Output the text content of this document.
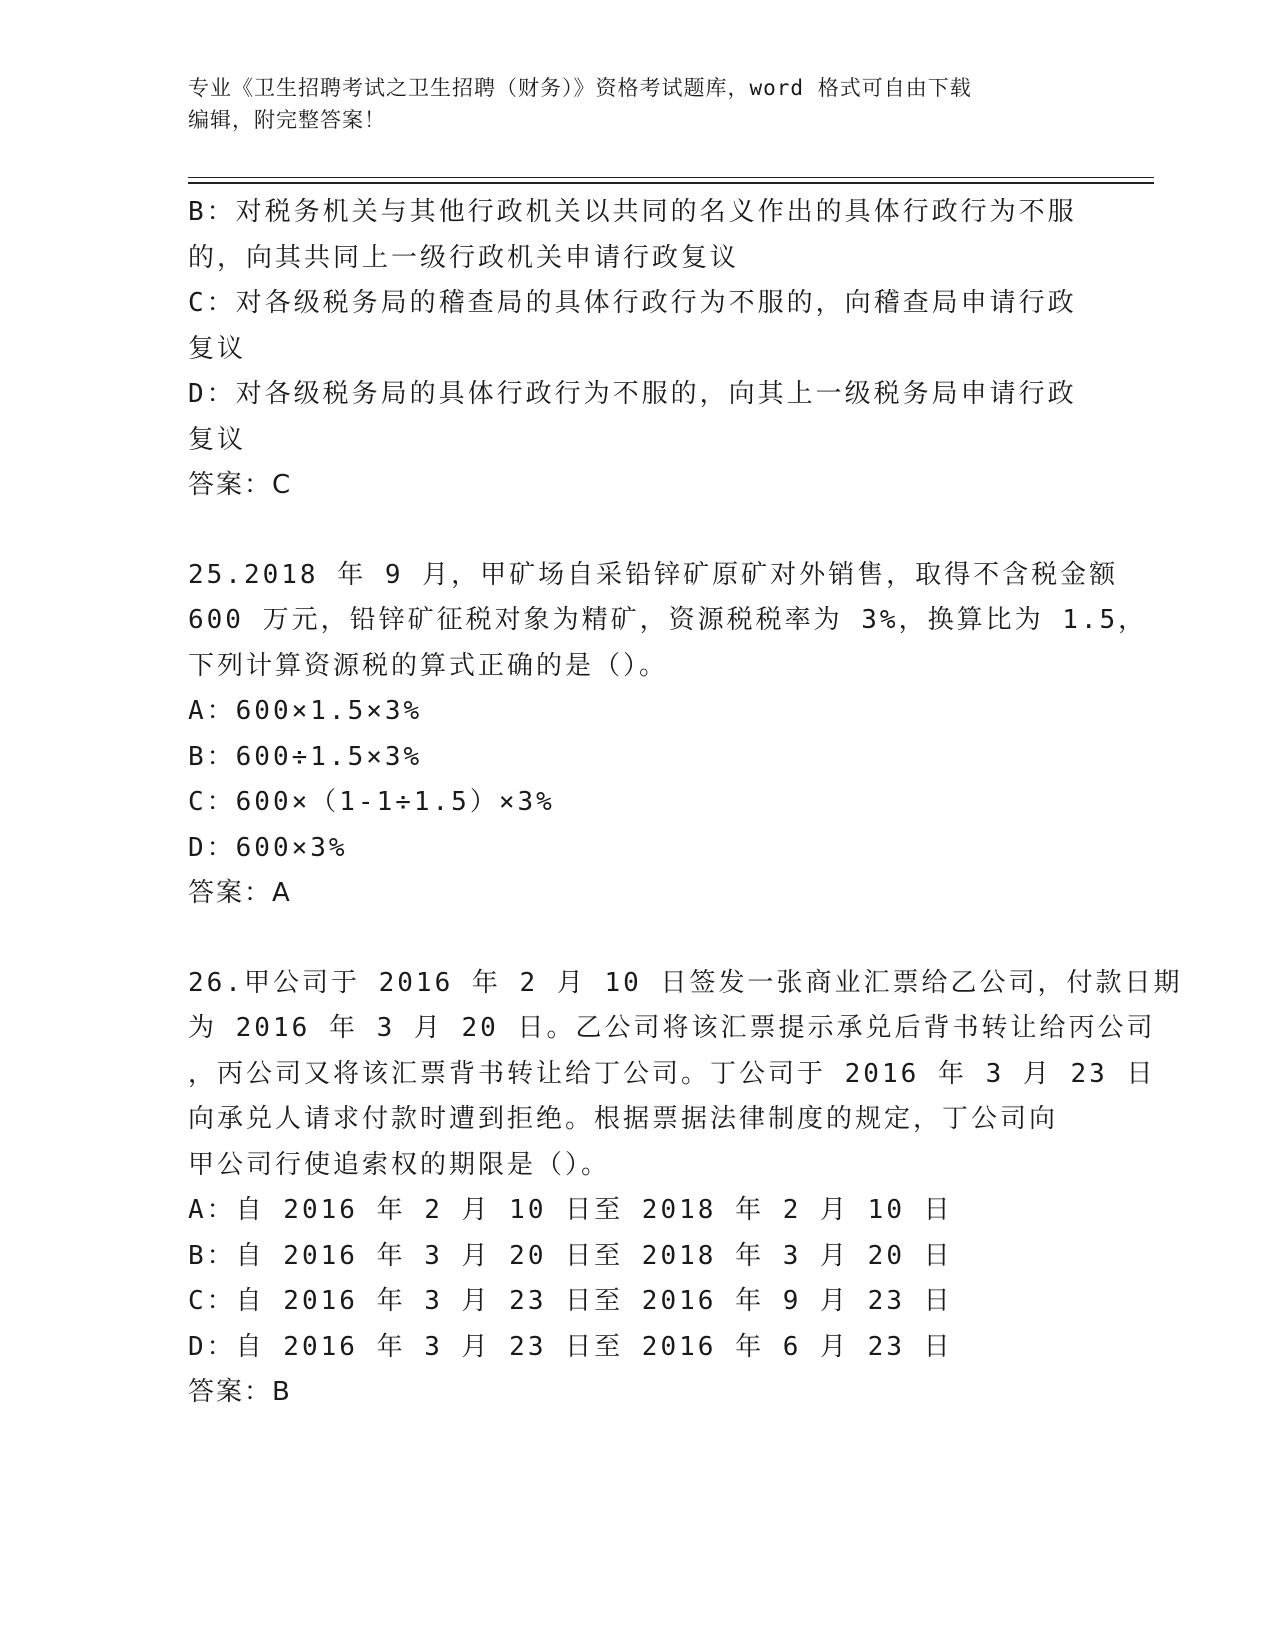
专业《卫生招聘考试之卫生招聘（财务）》资格考试题库，word 格式可自由下载
编辑，附完整答案！
B：对税务机关与其他行政机关以共同的名义作出的具体行政行为不服
的，向其共同上一级行政机关申请行政复议
C：对各级税务局的稽查局的具体行政行为不服的，向稽查局申请行政
复议
D：对各级税务局的具体行政行为不服的，向其上一级税务局申请行政
复议
答案：C
25.2018 年 9 月，甲矿场自采铅锌矿原矿对外销售，取得不含税金额
600 万元，铅锌矿征税对象为精矿，资源税税率为 3%，换算比为 1.5，
下列计算资源税的算式正确的是（）。
A：600×1.5×3%
B：600÷1.5×3%
C：600×（1-1÷1.5）×3%
D：600×3%
答案：A
26.甲公司于 2016 年 2 月 10 日签发一张商业汇票给乙公司，付款日期
为 2016 年 3 月 20 日。乙公司将该汇票提示承兑后背书转让给丙公司
，丙公司又将该汇票背书转让给丁公司。丁公司于 2016 年 3 月 23 日
向承兑人请求付款时遭到拒绝。根据票据法律制度的规定，丁公司向
甲公司行使追索权的期限是（）。
A：自 2016 年 2 月 10 日至 2018 年 2 月 10 日
B：自 2016 年 3 月 20 日至 2018 年 3 月 20 日
C：自 2016 年 3 月 23 日至 2016 年 9 月 23 日
D：自 2016 年 3 月 23 日至 2016 年 6 月 23 日
答案：B
